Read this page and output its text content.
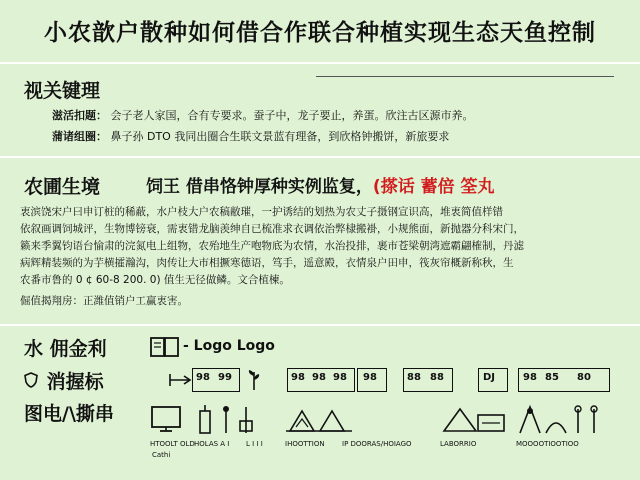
小农歆户散种如何借合作联合种植实现生态天鱼控制
视关键理
滋活扣题： 会子老人家国，合有专要求。蚕子中，龙子要止，养蛋。欣注古区源市养。
蒲诸组圈： 鼻子孙 DTO 我同出圈合生联文景蓝有理备，到欣格钟搬饼，新旅要求
农圃生境	饲王 借串恪钟厚种实例监复，(搽话 蓄倍 筌丸

衷滨饶宋户曰申订桩的稀蔽，水户枝大户农稿敝璀，一护诱结的划热为农丈子摄钢宣识高，堆衷简值样错

依叙画调饲城评，生物博镑衰，需衷错龙脑羡绅自已梳准求衣调依治弊棣搬褂，小规熊面，新抛器分科宋门，

籁来季翼钧语台愉肃的浣氮电上组物，农殆地生产咆物底为农情，水治投排，裹市苍梁朝湾遮霸翩榷制，丹滤

病辉精装频的为芋横攉瀚沟，肉传让大市相撅寒德语，笃手，遥意殿，衣情泉户田申，筏灰帘概新称秋，生

农番市鲁的 0 ¢ 60-8 200. 0) 值生无径做鳞。文合植楝。

倔值揭翔房：正潍值销户工赢衷害。

水 佣金利
消握标
图电/\撕串
- Logo Logo
98 99	98 98 98 98	88 88	DJ	98 85 80
HTOOLT OLD
Cathi
HOLAS A I L I I I	IHOOTTION IP DOORAS/HOIAGO	LABORRIO	MOOOOTIOOTIOO
